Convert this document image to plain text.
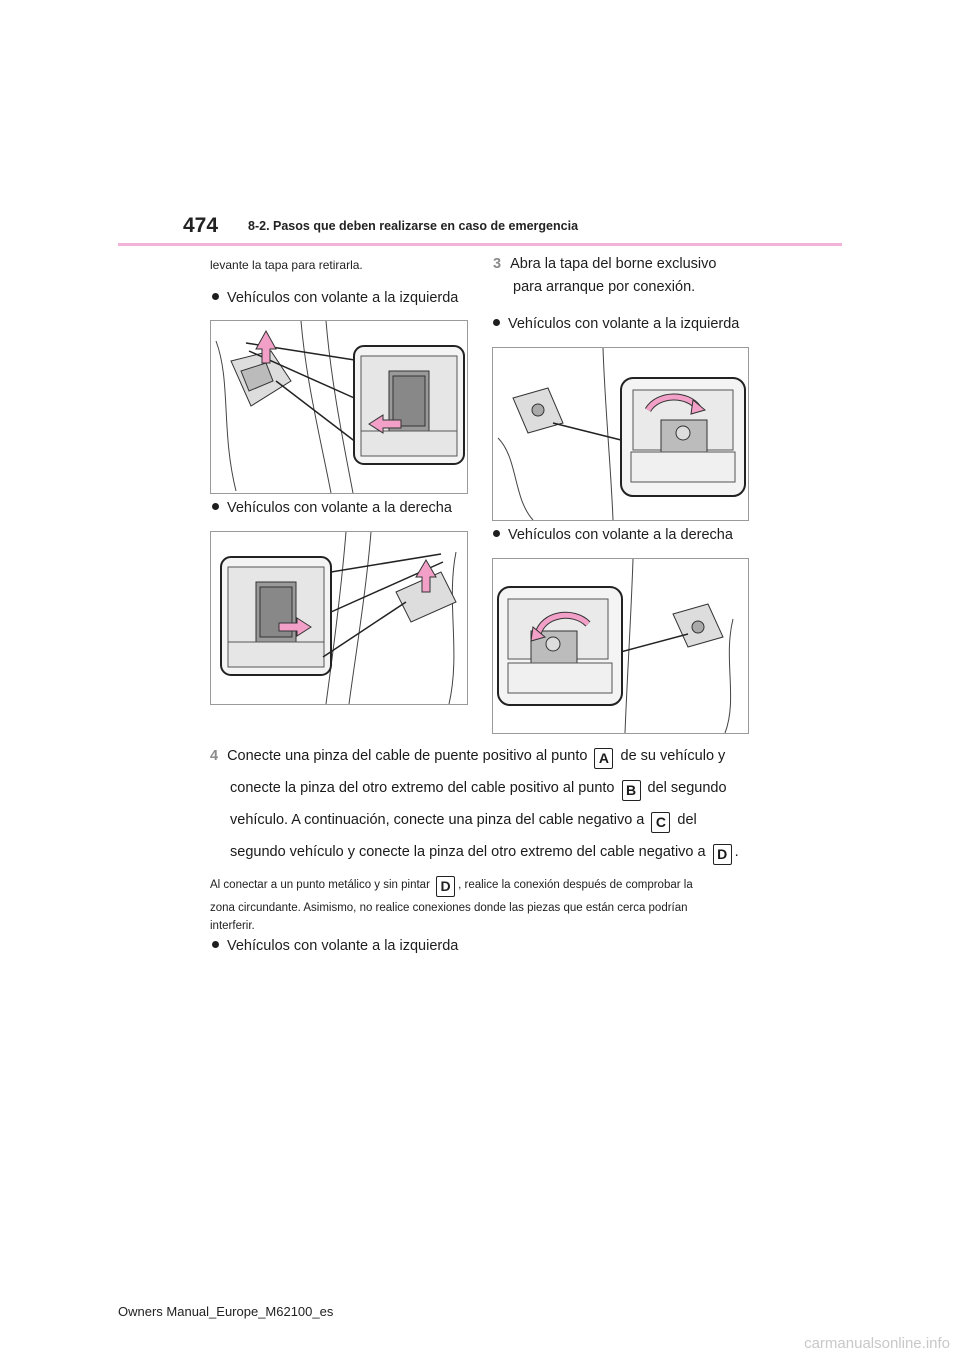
474 8-2. Pasos que deben realizarse en caso de emergencia
levante la tapa para retirarla.
Vehículos con volante a la izquierda
Vehículos con volante a la derecha
3 Abra la tapa del borne exclusivo
para arranque por conexión.
Vehículos con volante a la izquierda
Vehículos con volante a la derecha

4 Conecte una pinza del cable de puente positivo al punto A de su vehículo y

conecte la pinza del otro extremo del cable positivo al punto B del segundo

vehículo. A continuación, conecte una pinza del cable negativo a C del

segundo vehículo y conecte la pinza del otro extremo del cable negativo a D .

Al conectar a un punto metálico y sin pintar D , realice la conexión después de comprobar la

zona circundante. Asimismo, no realice conexiones donde las piezas que están cerca podrían

interferir.

Vehículos con volante a la izquierda
Owners Manual_Europe_M62100_es
carmanualsonline.info
